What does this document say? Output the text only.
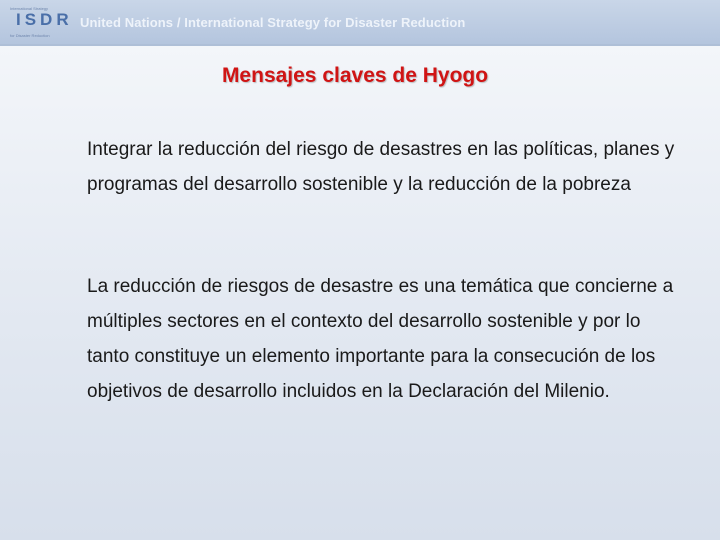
International Strategy
ISDR
for Disaster Reduction
United Nations / International Strategy for Disaster Reduction
Mensajes claves de Hyogo
Integrar la reducción del riesgo de desastres en las políticas, planes y programas del desarrollo sostenible y la reducción de la pobreza
La reducción de riesgos de desastre es una temática que concierne a múltiples sectores en el contexto del desarrollo sostenible y por lo tanto constituye un elemento importante para la consecución de los objetivos de desarrollo incluidos en la Declaración del Milenio.
